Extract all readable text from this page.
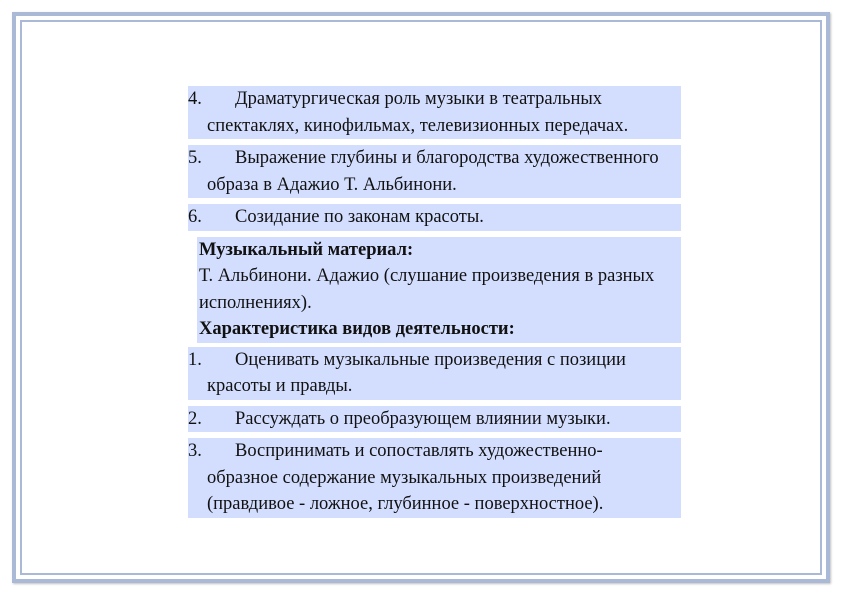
4. Драматургическая роль музыки в театральных спектаклях, кинофильмах, телевизионных передачах.
5. Выражение глубины и благородства художественного образа в Адажио Т. Альбинони.
6. Созидание по законам красоты.
Музыкальный материал:
Т. Альбинони. Адажио (слушание произведения в разных исполнениях).
Характеристика видов деятельности:
1. Оценивать музыкальные произведения с позиции красоты и правды.
2. Рассуждать о преобразующем влиянии музыки.
3. Воспринимать и сопоставлять художественно-образное содержание музыкальных произведений (правдивое - ложное, глубинное - поверхностное).
